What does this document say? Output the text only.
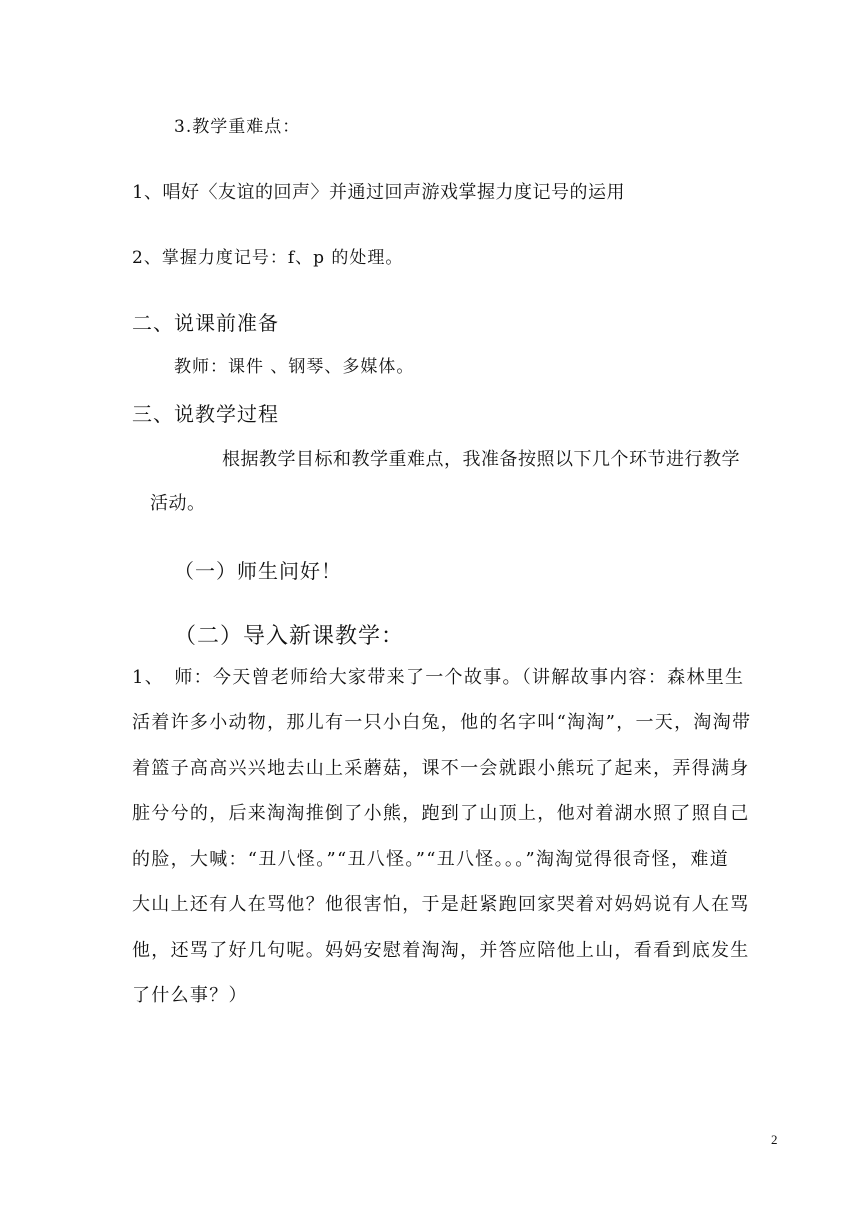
3.教学重难点：
1、唱好〈友谊的回声〉并通过回声游戏掌握力度记号的运用
2、掌握力度记号：f、p 的处理。
二、说课前准备
教师：课件 、钢琴、多媒体。
三、说教学过程
根据教学目标和教学重难点，我准备按照以下几个环节进行教学
活动。
（一）师生问好！
（二）导入新课教学：
1、　师：今天曾老师给大家带来了一个故事。（讲解故事内容：森林里生
活着许多小动物，那儿有一只小白兔，他的名字叫“淘淘”，一天，淘淘带
着篮子高高兴兴地去山上采蘑菇，课不一会就跟小熊玩了起来，弄得满身
脏兮兮的，后来淘淘推倒了小熊，跑到了山顶上，他对着湖水照了照自己
的脸，大喊：“丑八怪。”“丑八怪。”“丑八怪。。。”淘淘觉得很奇怪，难道
大山上还有人在骂他？他很害怕，于是赶紧跑回家哭着对妈妈说有人在骂
他，还骂了好几句呢。妈妈安慰着淘淘，并答应陪他上山，看看到底发生
了什么事？）
2
